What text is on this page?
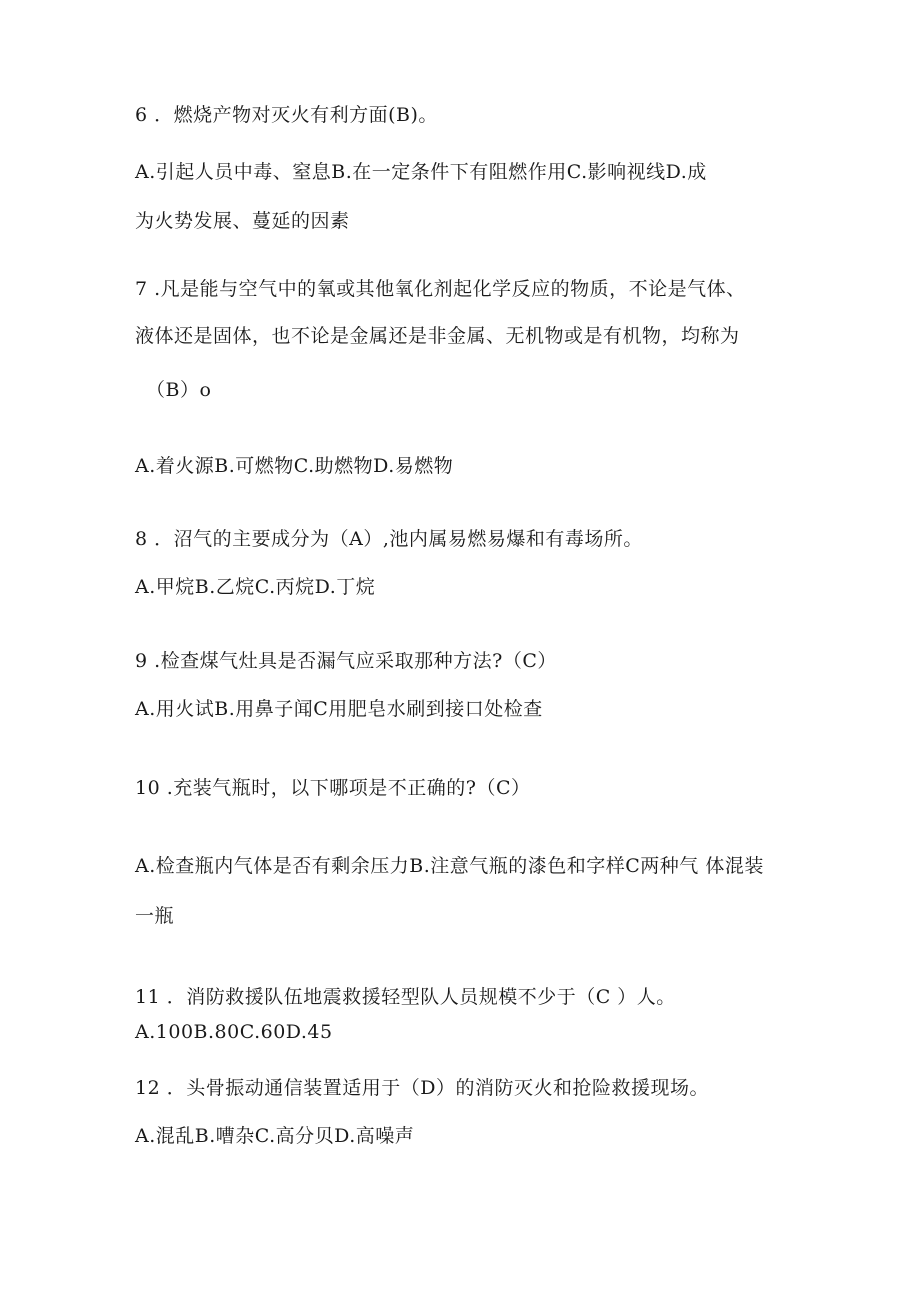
6 ．燃烧产物对灭火有利方面(B)。
A.引起人员中毒、窒息B.在一定条件下有阻燃作用C.影响视线D.成
为火势发展、蔓延的因素
7 .凡是能与空气中的氧或其他氧化剂起化学反应的物质，不论是气体、
液体还是固体，也不论是金属还是非金属、无机物或是有机物，均称为
（B）o
A.着火源B.可燃物C.助燃物D.易燃物
8 ．沼气的主要成分为（A）,池内属易燃易爆和有毒场所。
A.甲烷B.乙烷C.丙烷D.丁烷
9 .检查煤气灶具是否漏气应采取那种方法?（C）
A.用火试B.用鼻子闻C用肥皂水刷到接口处检查
10 .充装气瓶时，以下哪项是不正确的?（C）
A.检查瓶内气体是否有剩余压力B.注意气瓶的漆色和字样C两种气 体混装
一瓶
11 ．消防救援队伍地震救援轻型队人员规模不少于（C ）人。
A.100B.80C.60D.45
12 ．头骨振动通信装置适用于（D）的消防灭火和抢险救援现场。
A.混乱B.嘈杂C.高分贝D.高噪声
